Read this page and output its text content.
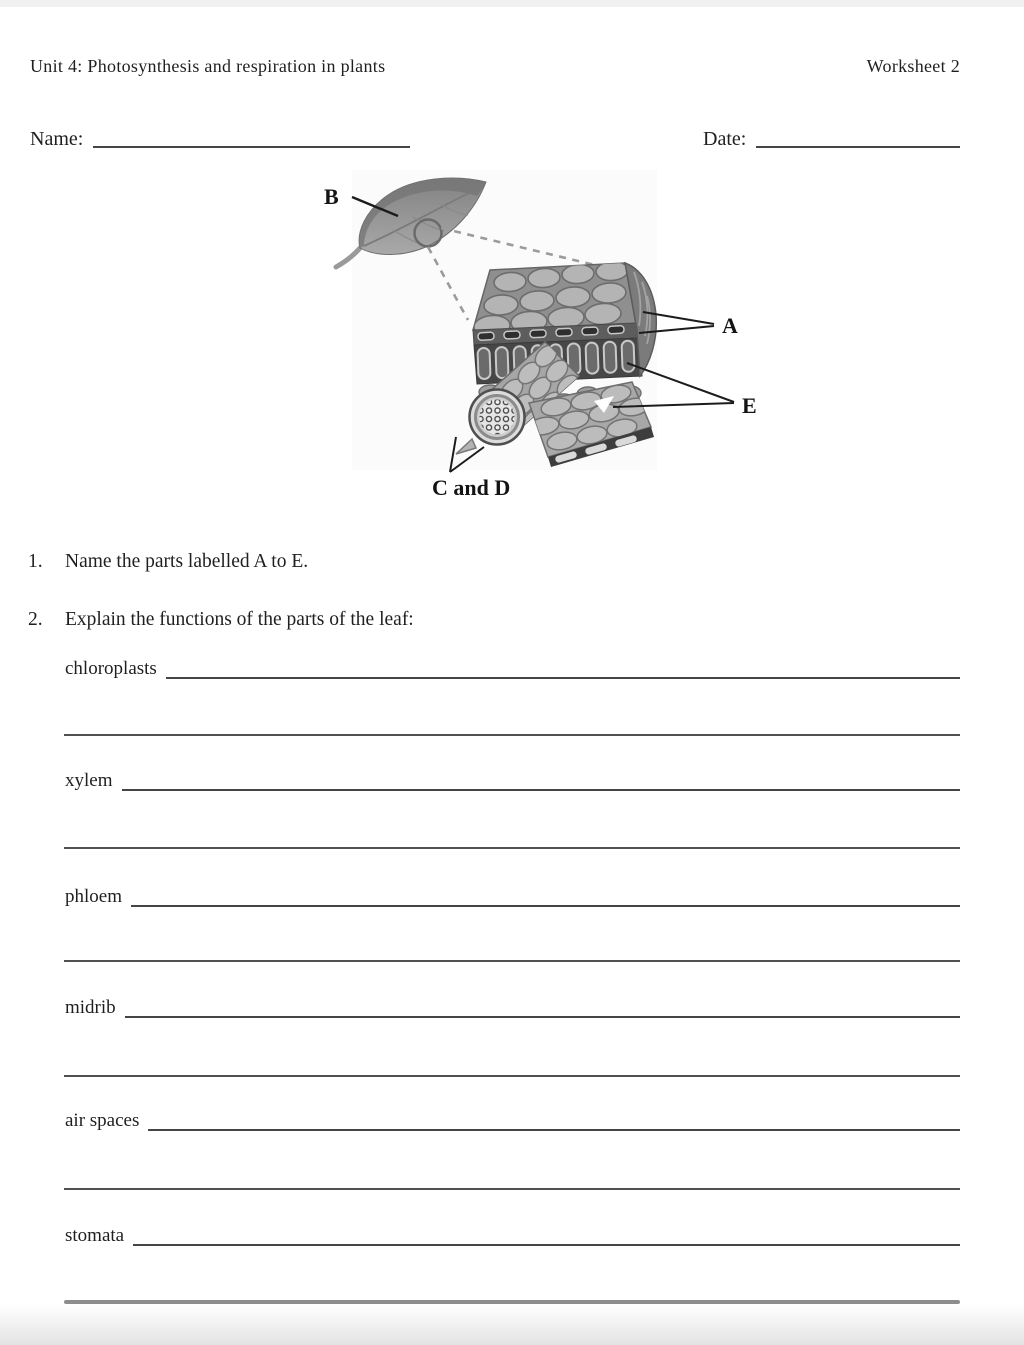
Unit 4: Photosynthesis and respiration in plants	Worksheet 2
Name:	Date:
B
A
E
C and D
1.	Name the parts labelled A to E.
2.	Explain the functions of the parts of the leaf:
chloroplasts
xylem
phloem
midrib
air spaces
stomata
